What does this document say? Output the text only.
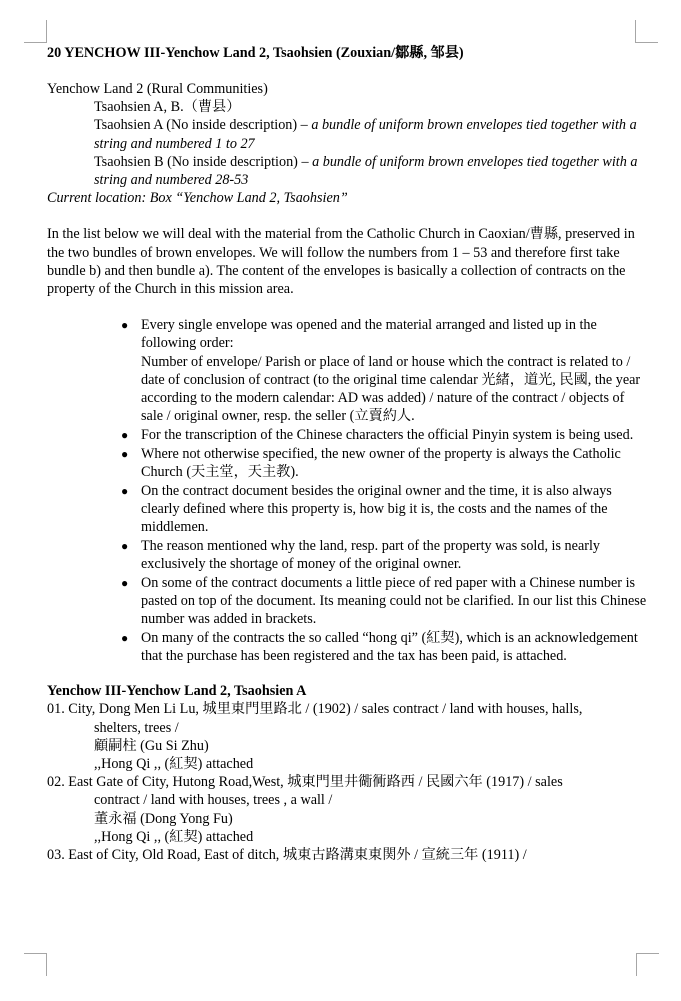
20 YENCHOW III-Yenchow Land 2, Tsaohsien (Zouxian/鄒縣, 邹县)

Yenchow Land 2 (Rural Communities)

Tsaohsien A, B.（曹县）

Tsaohsien A (No inside description) – a bundle of uniform brown envelopes tied together with a string and numbered 1 to 27

Tsaohsien B (No inside description) – a bundle of uniform brown envelopes tied together with a string and numbered 28-53

Current location: Box “Yenchow Land 2, Tsaohsien”

In the list below we will deal with the material from the Catholic Church in Caoxian/曹縣, preserved in the two bundles of brown envelopes. We will follow the numbers from 1 – 53 and therefore first take bundle b) and then bundle a). The content of the envelopes is basically a collection of contracts on the property of the Church in this mission area.

● Every single envelope was opened and the material arranged and listed up in the following order:
Number of envelope/ Parish or place of land or house which the contract is related to / date of conclusion of contract (to the original time calendar 光緒，道光, 民國, the year according to the modern calendar: AD was added) / nature of the contract / objects of sale / original owner, resp. the seller (立賣約人.
● For the transcription of the Chinese characters the official Pinyin system is being used.
● Where not otherwise specified, the new owner of the property is always the Catholic Church (天主堂，天主教).
● On the contract document besides the original owner and the time, it is also always clearly defined where this property is, how big it is, the costs and the names of the middlemen.
● The reason mentioned why the land, resp. part of the property was sold, is nearly exclusively the shortage of money of the original owner.
● On some of the contract documents a little piece of red paper with a Chinese number is pasted on top of the document. Its meaning could not be clarified. In our list this Chinese number was added in brackets.
● On many of the contracts the so called “hong qi” (紅契), which is an acknowledgement that the purchase has been registered and the tax has been paid, is attached.

Yenchow III-Yenchow Land 2, Tsaohsien A

01. City, Dong Men Li Lu, 城里東門里路北 / (1902) / sales contract / land with houses, halls,
shelters, trees /
顧嗣柱 (Gu Si Zhu)
,,Hong Qi ,, (紅契) attached
02. East Gate of City, Hutong Road,West, 城東門里井衚衕路西 / 民國六年 (1917) / sales
contract / land with houses, trees , a wall /
董永福 (Dong Yong Fu)
,,Hong Qi ,, (紅契) attached
03. East of City, Old Road, East of ditch, 城東古路溝東東関外 / 宣統三年 (1911) /
